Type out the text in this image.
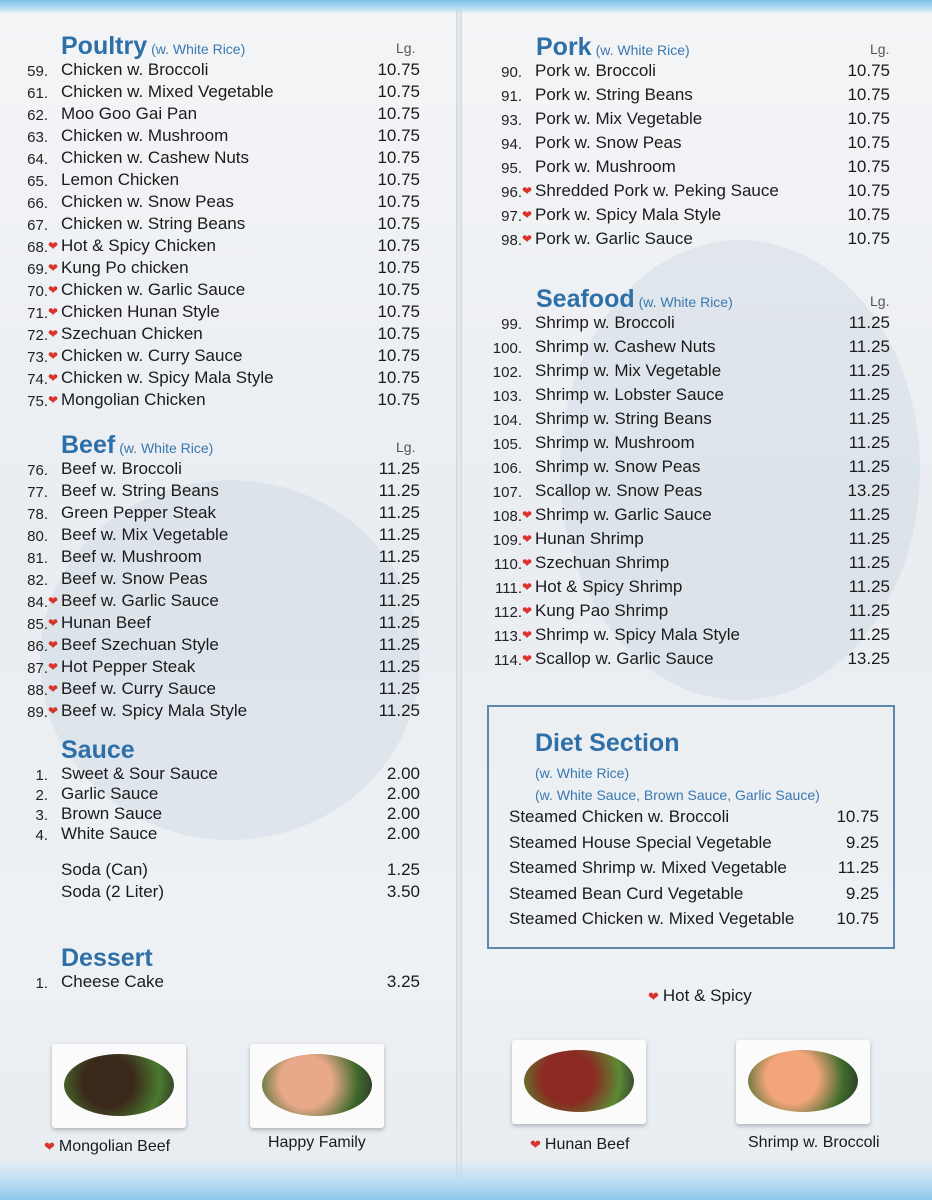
Poultry (w. White Rice)	Lg.
59. Chicken w. Broccoli	10.75
61. Chicken w. Mixed Vegetable	10.75
62. Moo Goo Gai Pan	10.75
63. Chicken w. Mushroom	10.75
64. Chicken w. Cashew Nuts	10.75
65. Lemon Chicken	10.75
66. Chicken w. Snow Peas	10.75
67. Chicken w. String Beans	10.75
68. ❤ Hot & Spicy Chicken	10.75
69. ❤ Kung Po chicken	10.75
70. ❤ Chicken w. Garlic Sauce	10.75
71. ❤ Chicken Hunan Style	10.75
72. ❤ Szechuan Chicken	10.75
73. ❤ Chicken w. Curry Sauce	10.75
74. ❤ Chicken w. Spicy Mala Style	10.75
75. ❤ Mongolian Chicken	10.75
Beef (w. White Rice)	Lg.
76. Beef w. Broccoli	11.25
77. Beef w. String Beans	11.25
78. Green Pepper Steak	11.25
80. Beef w. Mix Vegetable	11.25
81. Beef w. Mushroom	11.25
82. Beef w. Snow Peas	11.25
84. ❤ Beef w. Garlic Sauce	11.25
85. ❤ Hunan Beef	11.25
86. ❤ Beef Szechuan Style	11.25
87. ❤ Hot Pepper Steak	11.25
88. ❤ Beef w. Curry Sauce	11.25
89. ❤ Beef w. Spicy Mala Style	11.25
Sauce
1. Sweet & Sour Sauce	2.00
2. Garlic Sauce	2.00
3. Brown Sauce	2.00
4. White Sauce	2.00
Soda (Can)	1.25
Soda (2 Liter)	3.50
Dessert
1. Cheese Cake	3.25
Pork (w. White Rice)	Lg.
90. Pork w. Broccoli	10.75
91. Pork w. String Beans	10.75
93. Pork w. Mix Vegetable	10.75
94. Pork w. Snow Peas	10.75
95. Pork w. Mushroom	10.75
96. ❤ Shredded Pork w. Peking Sauce	10.75
97. ❤ Pork w. Spicy Mala Style	10.75
98. ❤ Pork w. Garlic Sauce	10.75
Seafood (w. White Rice)	Lg.
99. Shrimp w. Broccoli	11.25
100. Shrimp w. Cashew Nuts	11.25
102. Shrimp w. Mix Vegetable	11.25
103. Shrimp w. Lobster Sauce	11.25
104. Shrimp w. String Beans	11.25
105. Shrimp w. Mushroom	11.25
106. Shrimp w. Snow Peas	11.25
107. Scallop w. Snow Peas	13.25
108. ❤ Shrimp w. Garlic Sauce	11.25
109. ❤ Hunan Shrimp	11.25
110. ❤ Szechuan Shrimp	11.25
111. ❤ Hot & Spicy Shrimp	11.25
112. ❤ Kung Pao Shrimp	11.25
113. ❤ Shrimp w. Spicy Mala Style	11.25
114. ❤ Scallop w. Garlic Sauce	13.25
Diet Section
(w. White Rice)
(w. White Sauce, Brown Sauce, Garlic Sauce)
Steamed Chicken w. Broccoli	10.75
Steamed House Special Vegetable	9.25
Steamed Shrimp w. Mixed Vegetable	11.25
Steamed Bean Curd Vegetable	9.25
Steamed Chicken w. Mixed Vegetable 10.75
❤ Hot & Spicy
❤ Mongolian Beef	Happy Family	❤ Hunan Beef	Shrimp w. Broccoli
